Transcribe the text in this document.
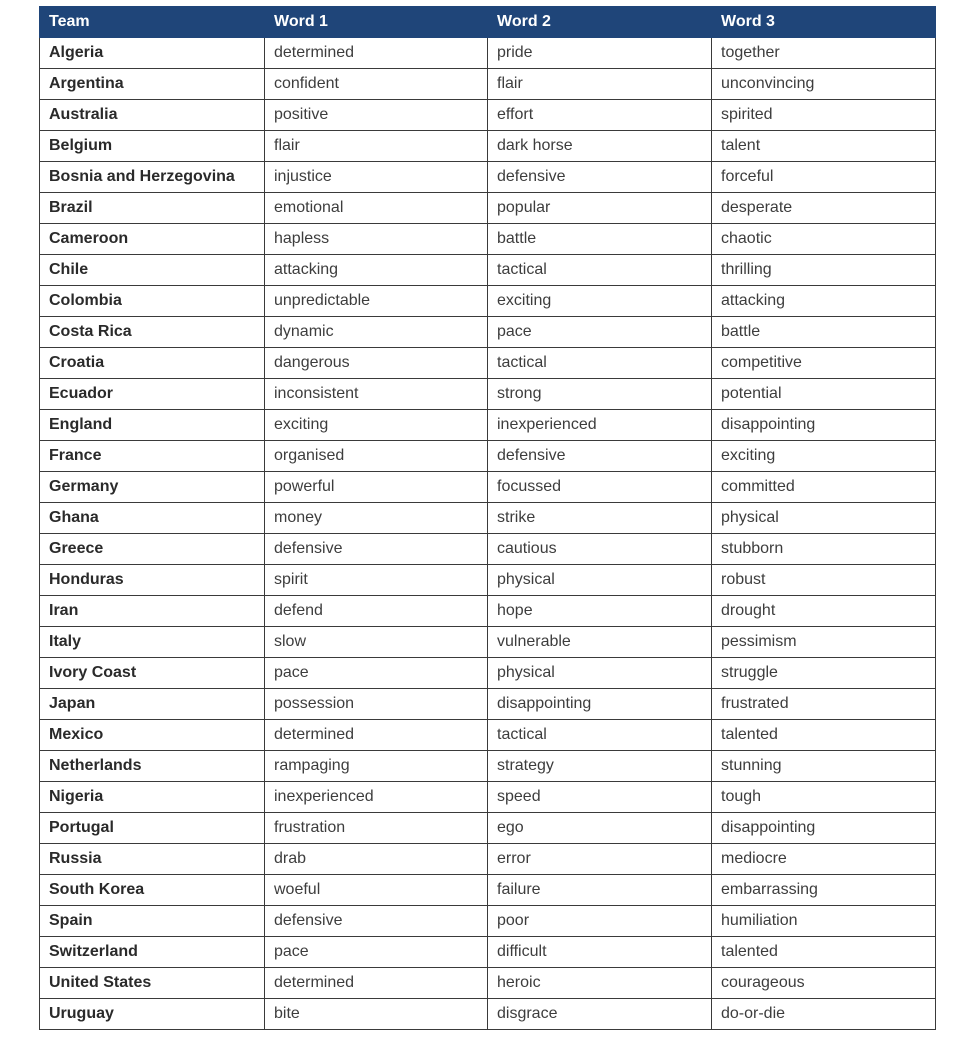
Team	Word 1	Word 2	Word 3
Algeria	determined	pride	together
Argentina	confident	flair	unconvincing
Australia	positive	effort	spirited
Belgium	flair	dark horse	talent
Bosnia and Herzegovina	injustice	defensive	forceful
Brazil	emotional	popular	desperate
Cameroon	hapless	battle	chaotic
Chile	attacking	tactical	thrilling
Colombia	unpredictable	exciting	attacking
Costa Rica	dynamic	pace	battle
Croatia	dangerous	tactical	competitive
Ecuador	inconsistent	strong	potential
England	exciting	inexperienced	disappointing
France	organised	defensive	exciting
Germany	powerful	focussed	committed
Ghana	money	strike	physical
Greece	defensive	cautious	stubborn
Honduras	spirit	physical	robust
Iran	defend	hope	drought
Italy	slow	vulnerable	pessimism
Ivory Coast	pace	physical	struggle
Japan	possession	disappointing	frustrated
Mexico	determined	tactical	talented
Netherlands	rampaging	strategy	stunning
Nigeria	inexperienced	speed	tough
Portugal	frustration	ego	disappointing
Russia	drab	error	mediocre
South Korea	woeful	failure	embarrassing
Spain	defensive	poor	humiliation
Switzerland	pace	difficult	talented
United States	determined	heroic	courageous
Uruguay	bite	disgrace	do-or-die
